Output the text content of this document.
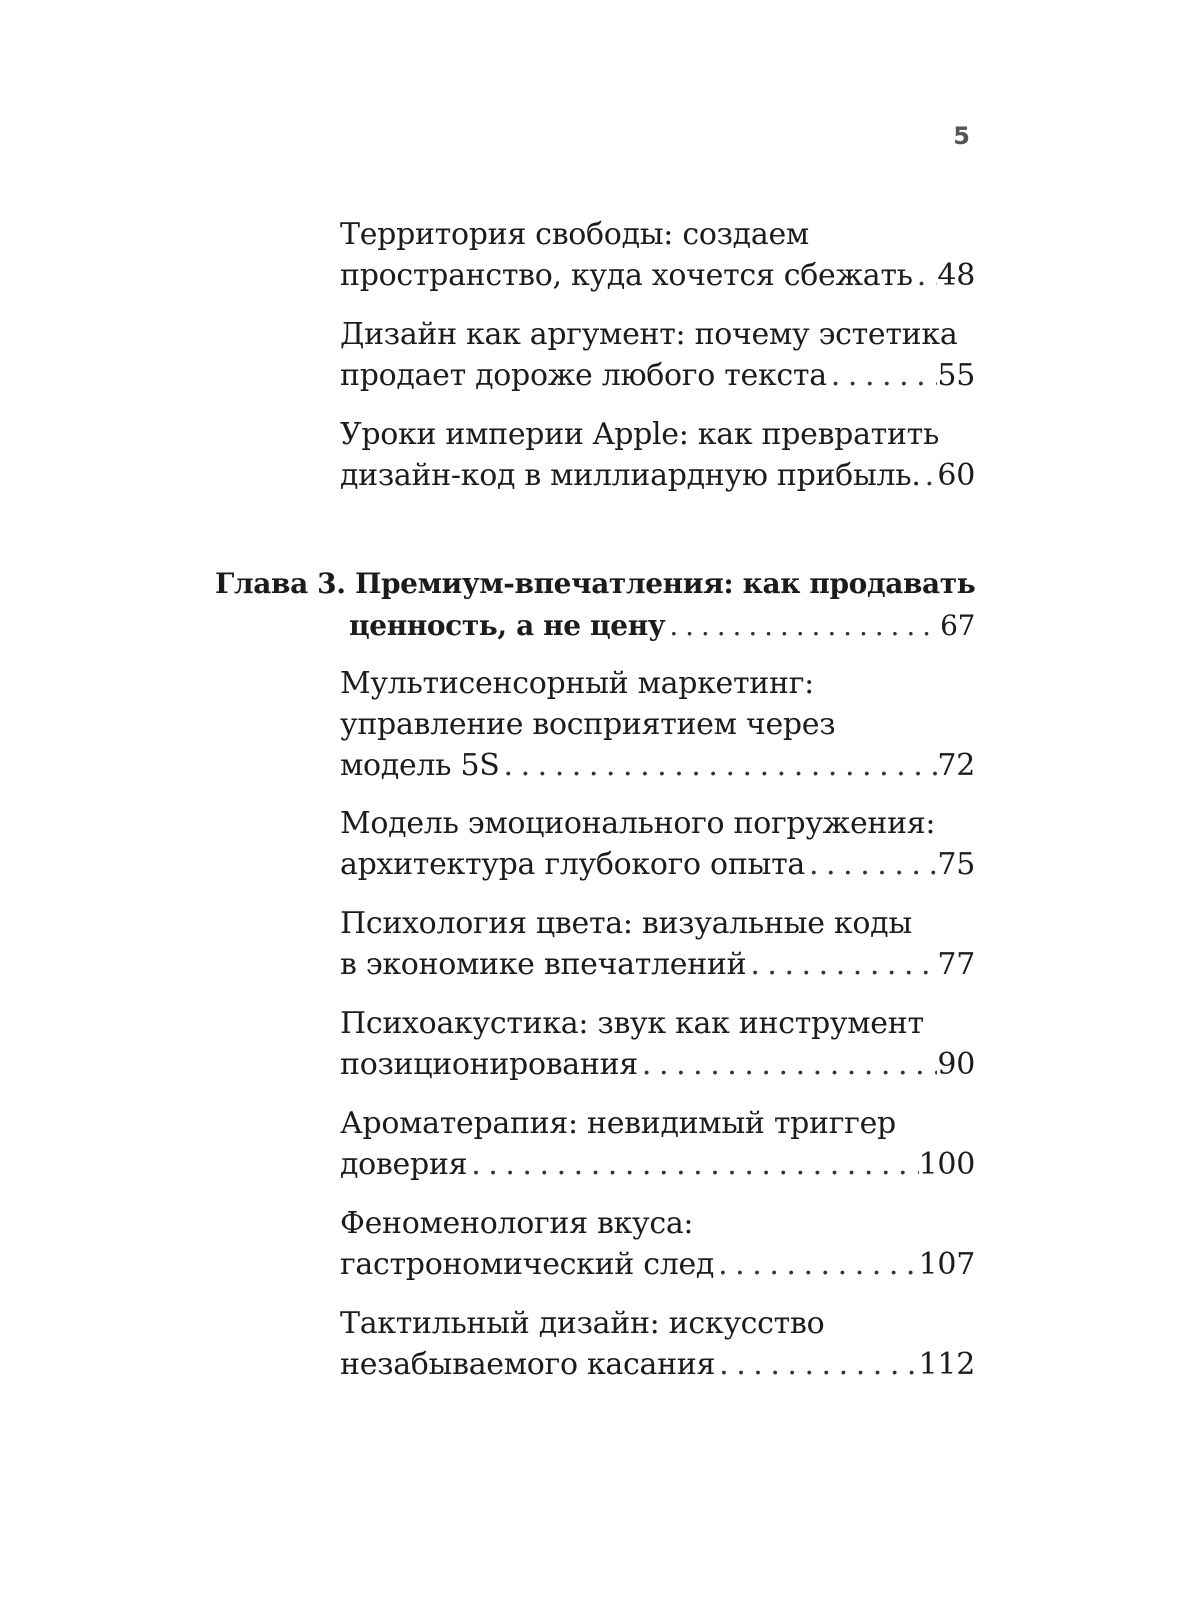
5
Территория свободы: создаем
пространство, куда хочется сбежать . . . 48
Дизайн как аргумент: почему эстетика
продает дороже любого текста . . .	55
Уроки империи Apple: как превратить
дизайн-код в миллиардную прибыль. . . . 60
Глава 3. Премиум-впечатления: как продавать
ценность, а не цену . . .	67
Мультисенсорный маркетинг:
управление восприятием через
модель 5S . . .	72
Модель эмоционального погружения:
архитектура глубокого опыта . . .	75
Психология цвета: визуальные коды
в экономике впечатлений . . .	77
Психоакустика: звук как инструмент
позиционирования . . .	90
Ароматерапия: невидимый триггер
доверия . . .	100
Феноменология вкуса:
гастрономический след . . .	107
Тактильный дизайн: искусство
незабываемого касания . . .	112
